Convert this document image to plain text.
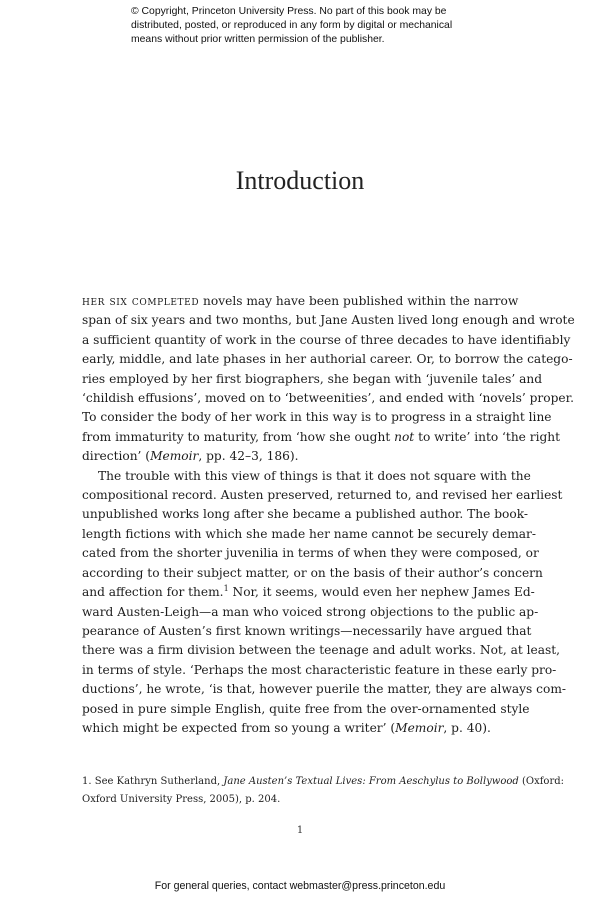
© Copyright, Princeton University Press. No part of this book may be
distributed, posted, or reproduced in any form by digital or mechanical
means without prior written permission of the publisher.
Introduction
her six completed novels may have been published within the narrow
span of six years and two months, but Jane Austen lived long enough and wrote
a sufficient quantity of work in the course of three decades to have identifiably
early, middle, and late phases in her authorial career. Or, to borrow the catego-
ries employed by her first biographers, she began with ‘juvenile tales’ and
‘childish effusions’, moved on to ‘betweenities’, and ended with ‘novels’ proper.
To consider the body of her work in this way is to progress in a straight line
from immaturity to maturity, from ‘how she ought not to write’ into ‘the right
direction’ (Memoir, pp. 42–3, 186).
The trouble with this view of things is that it does not square with the
compositional record. Austen preserved, returned to, and revised her earliest
unpublished works long after she became a published author. The book-
length fictions with which she made her name cannot be securely demar-
cated from the shorter juvenilia in terms of when they were composed, or
according to their subject matter, or on the basis of their author’s concern
and affection for them.$^1$ Nor, it seems, would even her nephew James Ed-
ward Austen-Leigh—a man who voiced strong objections to the public ap-
pearance of Austen’s first known writings—necessarily have argued that
there was a firm division between the teenage and adult works. Not, at least,
in terms of style. ‘Perhaps the most characteristic feature in these early pro-
ductions’, he wrote, ‘is that, however puerile the matter, they are always com-
posed in pure simple English, quite free from the over-ornamented style
which might be expected from so young a writer’ (Memoir, p. 40).
1. See Kathryn Sutherland, Jane Austen’s Textual Lives: From Aeschylus to Bollywood (Oxford:
Oxford University Press, 2005), p. 204.
1
For general queries, contact webmaster@press.princeton.edu
